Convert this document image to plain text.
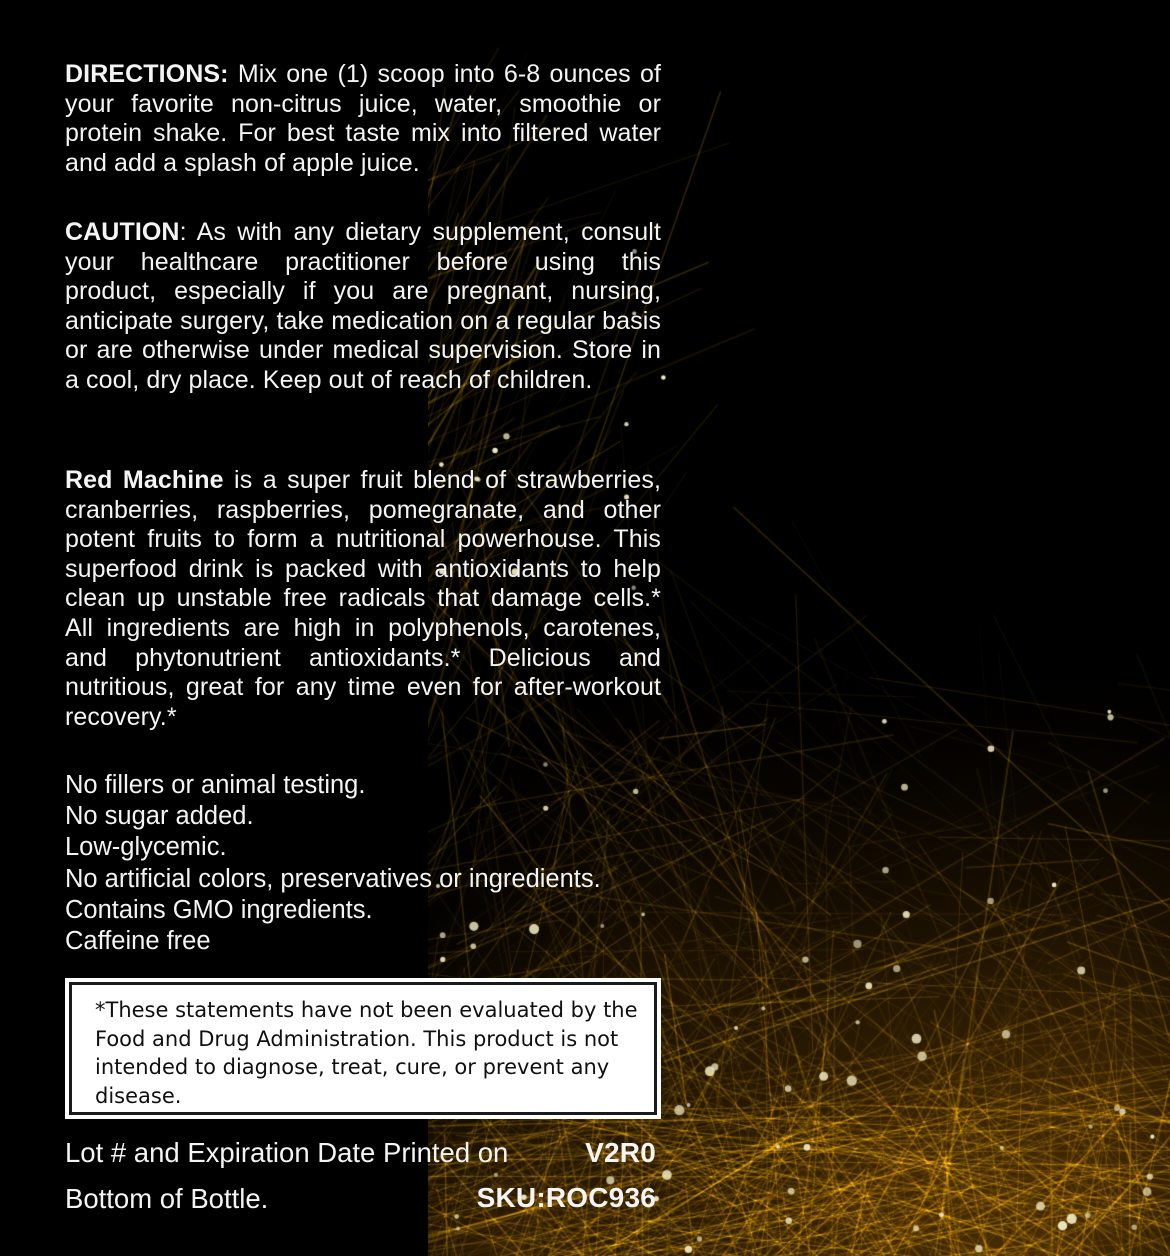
DIRECTIONS: Mix one (1) scoop into 6-8 ounces of your favorite non-citrus juice, water, smoothie or protein shake. For best taste mix into filtered water and add a splash of apple juice.

CAUTION: As with any dietary supplement, consult your healthcare practitioner before using this product, especially if you are pregnant, nursing, anticipate surgery, take medication on a regular basis or are otherwise under medical supervision. Store in a cool, dry place. Keep out of reach of children.

Red Machine is a super fruit blend of strawberries, cranberries, raspberries, pomegranate, and other potent fruits to form a nutritional powerhouse. This superfood drink is packed with antioxidants to help clean up unstable free radicals that damage cells.* All ingredients are high in polyphenols, carotenes, and phytonutrient antioxidants.* Delicious and nutritious, great for any time even for after-workout recovery.*

No fillers or animal testing.
No sugar added.
Low-glycemic.
No artificial colors, preservatives or ingredients.
Contains GMO ingredients.
Caffeine free

*These statements have not been evaluated by the Food and Drug Administration. This product is not intended to diagnose, treat, cure, or prevent any disease.

Lot # and Expiration Date Printed on
Bottom of Bottle.
V2R0
SKU:ROC936
